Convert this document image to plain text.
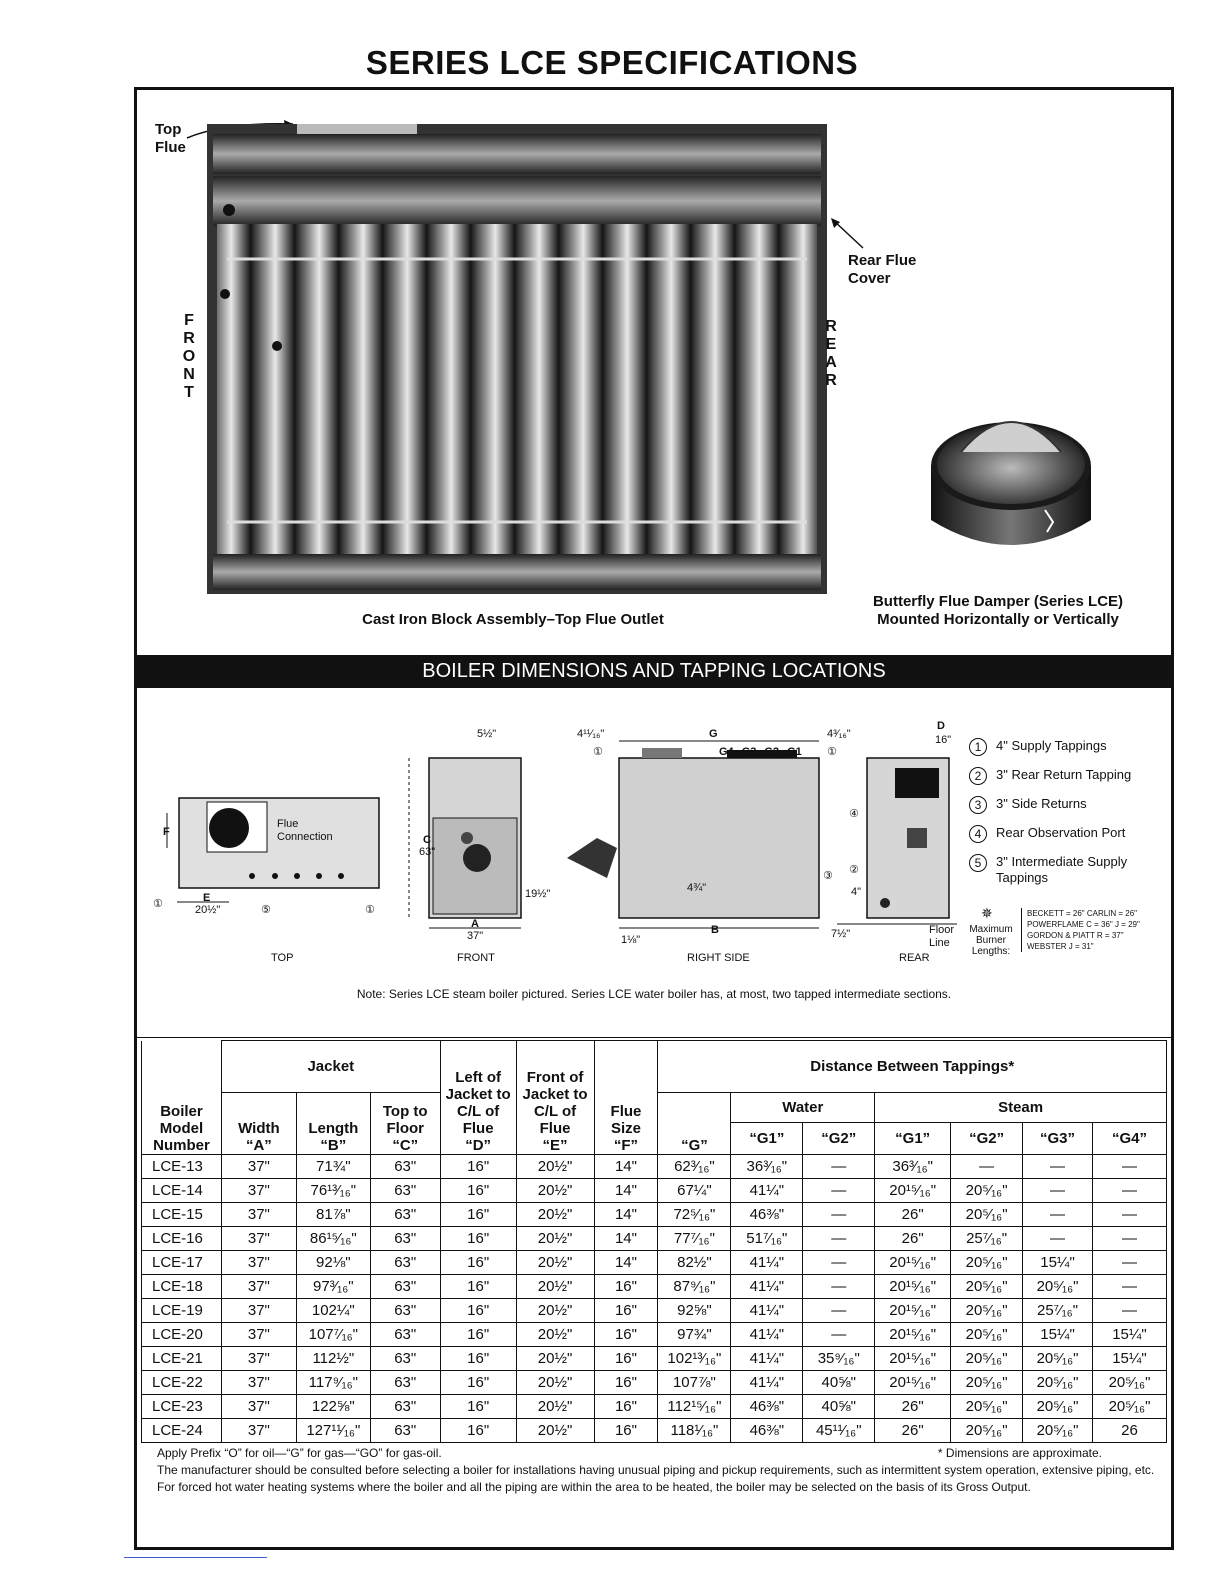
SERIES LCE SPECIFICATIONS
Top
Flue
Rear Flue
Cover
F
R
O
N
T
R
E
A
R
Cast Iron Block Assembly–Top Flue Outlet
Butterfly Flue Damper (Series LCE)
Mounted Horizontally or Vertically
BOILER DIMENSIONS AND TAPPING LOCATIONS
Flue
Connection
F
E
20½"
①	⑤	①
5½"
C
63"
A
37"
19½"
4¹¹⁄₁₆"	G	4³⁄₁₆"
G4 G3 G2 G1
①	①
4¾"
B
1⅛"	7½"
③
D
16"
④
②
4"
Floor
Line
TOP	FRONT	RIGHT SIDE	REAR
1	4" Supply Tappings
2	3" Rear Return Tapping
3	3" Side Returns
4	Rear Observation Port
5	3" Intermediate Supply
Tappings
✵
Maximum
Burner
Lengths:
BECKETT = 26" CARLIN = 26"
POWERFLAME C = 36" J = 29"
GORDON & PIATT R = 37"
WEBSTER J = 31"
Note: Series LCE steam boiler pictured. Series LCE water boiler has, at most, two tapped intermediate sections.
Boiler
Model
Number	Jacket			Left of
Jacket to
C/L of
Flue
“D”	Front of
Jacket to
C/L of
Flue
“E”	Flue
Size
“F”	Distance Between Tappings*						
	Width
“A”	Length
“B”	Top to
Floor
“C”				“G”	Water		Steam			
								“G1”	“G2”	“G1”	“G2”	“G3”	“G4”
LCE-13	37"	71¾"	63"	16"	20½"	14"	62³⁄₁₆"	36³⁄₁₆"	—	36³⁄₁₆"	—	—	—
LCE-14	37"	76¹³⁄₁₆"	63"	16"	20½"	14"	67¼"	41¼"	—	20¹⁵⁄₁₆"	20⁵⁄₁₆"	—	—
LCE-15	37"	81⅞"	63"	16"	20½"	14"	72⁵⁄₁₆"	46⅜"	—	26"	20⁵⁄₁₆"	—	—
LCE-16	37"	86¹⁵⁄₁₆"	63"	16"	20½"	14"	77⁷⁄₁₆"	51⁷⁄₁₆"	—	26"	25⁷⁄₁₆"	—	—
LCE-17	37"	92⅛"	63"	16"	20½"	14"	82½"	41¼"	—	20¹⁵⁄₁₆"	20⁵⁄₁₆"	15¼"	—
LCE-18	37"	97³⁄₁₆"	63"	16"	20½"	16"	87⁹⁄₁₆"	41¼"	—	20¹⁵⁄₁₆"	20⁵⁄₁₆"	20⁵⁄₁₆"	—
LCE-19	37"	102¼"	63"	16"	20½"	16"	92⅝"	41¼"	—	20¹⁵⁄₁₆"	20⁵⁄₁₆"	25⁷⁄₁₆"	—
LCE-20	37"	107⁷⁄₁₆"	63"	16"	20½"	16"	97¾"	41¼"	—	20¹⁵⁄₁₆"	20⁵⁄₁₆"	15¼"	15¼"
LCE-21	37"	112½"	63"	16"	20½"	16"	102¹³⁄₁₆"	41¼"	35⁹⁄₁₆"	20¹⁵⁄₁₆"	20⁵⁄₁₆"	20⁵⁄₁₆"	15¼"
LCE-22	37"	117⁹⁄₁₆"	63"	16"	20½"	16"	107⅞"	41¼"	40⅝"	20¹⁵⁄₁₆"	20⁵⁄₁₆"	20⁵⁄₁₆"	20⁵⁄₁₆"
LCE-23	37"	122⅝"	63"	16"	20½"	16"	112¹⁵⁄₁₆"	46⅜"	40⅝"	26"	20⁵⁄₁₆"	20⁵⁄₁₆"	20⁵⁄₁₆"
LCE-24	37"	127¹¹⁄₁₆"	63"	16"	20½"	16"	118¹⁄₁₆"	46⅜"	45¹¹⁄₁₆"	26"	20⁵⁄₁₆"	20⁵⁄₁₆"	26
Apply Prefix “O” for oil—“G” for gas—“GO” for gas-oil.	* Dimensions are approximate.
The manufacturer should be consulted before selecting a boiler for installations having unusual piping and pickup requirements, such as intermittent system operation, extensive piping, etc. For forced hot water heating systems where the boiler and all the piping are within the area to be heated, the boiler may be selected on the basis of its Gross Output.
